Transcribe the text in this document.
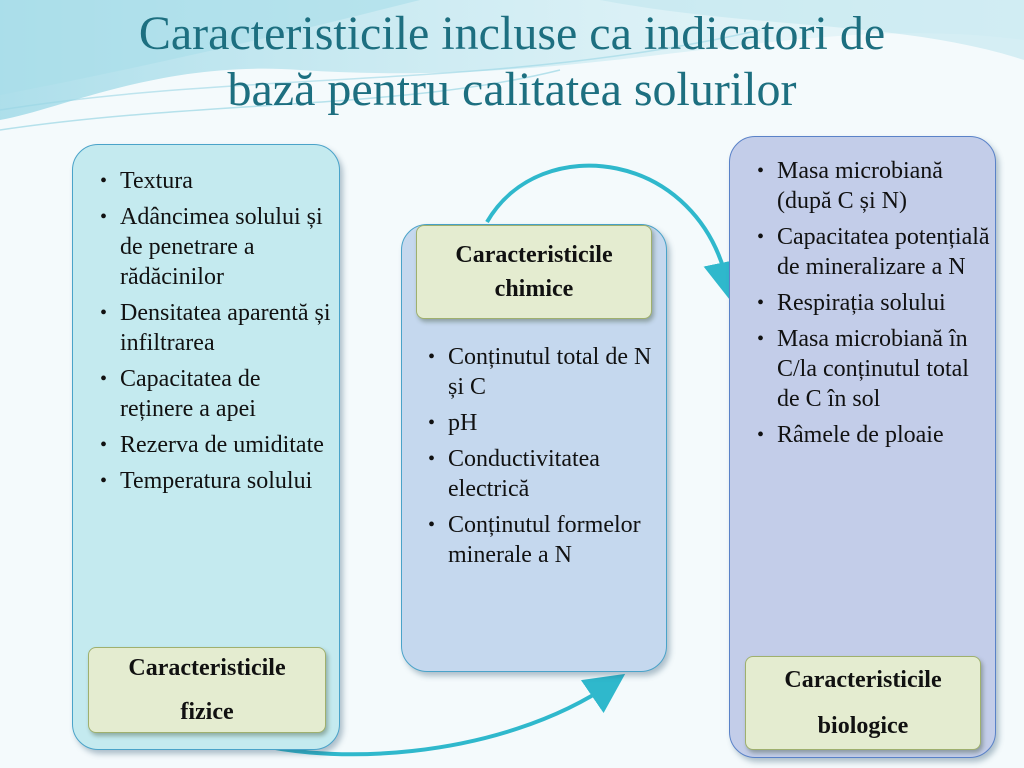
Caracteristicile incluse ca indicatori de
bază pentru calitatea solurilor
• Textura
• Adâncimea solului și de penetrare a rădăcinilor
• Densitatea aparentă și infiltrarea
• Capacitatea de reținere a apei
• Rezerva de umiditate
• Temperatura solului
• Conținutul total de N și C
• pH
• Conductivitatea electrică
• Conținutul formelor minerale a N
• Masa microbiană (după C și N)
• Capacitatea potențială de mineralizare a N
• Respirația solului
• Masa microbiană în C/la conținutul total de C în sol
• Râmele de ploaie
Caracteristicile
fizice
Caracteristicile
chimice
Caracteristicile
biologice
